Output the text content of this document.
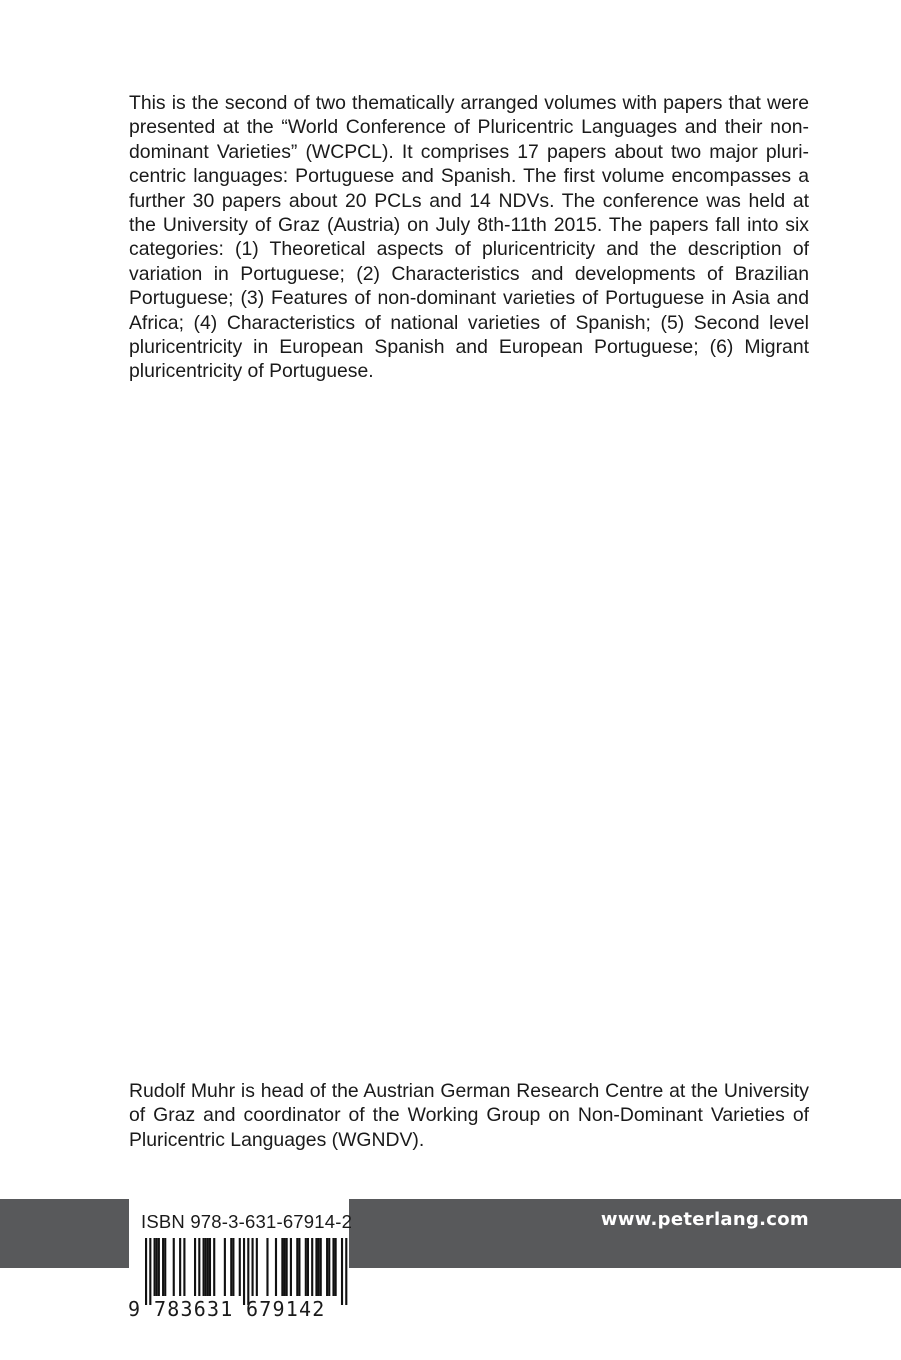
This is the second of two thematically arranged volumes with papers that were presented at the “World Conference of Pluricentric Languages and their non-dominant Varieties” (WCPCL). It comprises 17 papers about two major pluri-centric languages: Portuguese and Spanish. The first volume encompasses a further 30 papers about 20 PCLs and 14 NDVs. The conference was held at the University of Graz (Austria) on July 8th-11th 2015. The papers fall into six categories: (1) Theoretical aspects of pluricentricity and the description of variation in Portuguese; (2) Characteristics and developments of Brazilian Portuguese; (3) Features of non-dominant varieties of Portuguese in Asia and Africa; (4) Characteristics of national varieties of Spanish; (5) Second level pluricentricity in European Spanish and European Portuguese; (6) Migrant pluricentricity of Portuguese.

Rudolf Muhr is head of the Austrian German Research Centre at the University of Graz and coordinator of the Working Group on Non-Dominant Varieties of Pluricentric Languages (WGNDV).

www.peterlang.com
ISBN 978-3-631-67914-2
9 783631 679142
